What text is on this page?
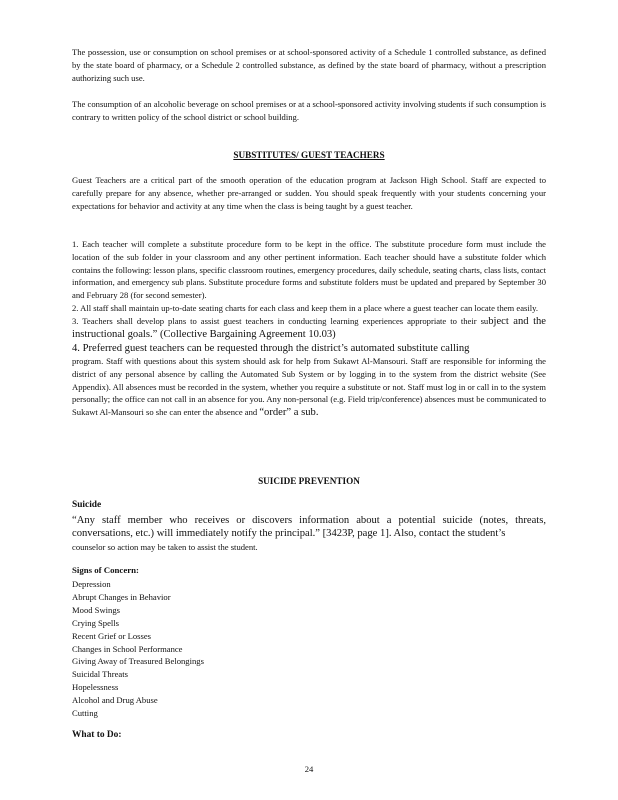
The possession, use or consumption on school premises or at school-sponsored activity of a Schedule 1 controlled substance, as defined by the state board of pharmacy, or a Schedule 2 controlled substance, as defined by the state board of pharmacy, without a prescription authorizing such use.

The consumption of an alcoholic beverage on school premises or at a school-sponsored activity involving students if such consumption is contrary to written policy of the school district or school building.

SUBSTITUTES/ GUEST TEACHERS

Guest Teachers are a critical part of the smooth operation of the education program at Jackson High School. Staff are expected to carefully prepare for any absence, whether pre-arranged or sudden. You should speak frequently with your students concerning your expectations for behavior and activity at any time when the class is being taught by a guest teacher.

1. Each teacher will complete a substitute procedure form to be kept in the office. The substitute procedure form must include the location of the sub folder in your classroom and any other pertinent information. Each teacher should have a substitute folder which contains the following: lesson plans, specific classroom routines, emergency procedures, daily schedule, seating charts, class lists, contact information, and emergency sub plans. Substitute procedure forms and substitute folders must be updated and prepared by September 30 and February 28 (for second semester).

2. All staff shall maintain up-to-date seating charts for each class and keep them in a place where a guest teacher can locate them easily.

3. Teachers shall develop plans to assist guest teachers in conducting learning experiences appropriate to their subject and the instructional goals.” (Collective Bargaining Agreement 10.03)

4. Preferred guest teachers can be requested through the district’s automated substitute calling

program. Staff with questions about this system should ask for help from Sukawt Al-Mansouri. Staff are responsible for informing the district of any personal absence by calling the Automated Sub System or by logging in to the system from the district website (See Appendix). All absences must be recorded in the system, whether you require a substitute or not. Staff must log in or call in to the system personally; the office can not call in an absence for you. Any non-personal (e.g. Field trip/conference) absences must be communicated to Sukawt Al-Mansouri so she can enter the absence and “order” a sub.

SUICIDE PREVENTION
Suicide

“Any staff member who receives or discovers information about a potential suicide (notes, threats, conversations, etc.) will immediately notify the principal.” [3423P, page 1]. Also, contact the student’s

counselor so action may be taken to assist the student.

Signs of Concern:
Depression
Abrupt Changes in Behavior
Mood Swings
Crying Spells
Recent Grief or Losses
Changes in School Performance
Giving Away of Treasured Belongings
Suicidal Threats
Hopelessness
Alcohol and Drug Abuse
Cutting
What to Do:
24
